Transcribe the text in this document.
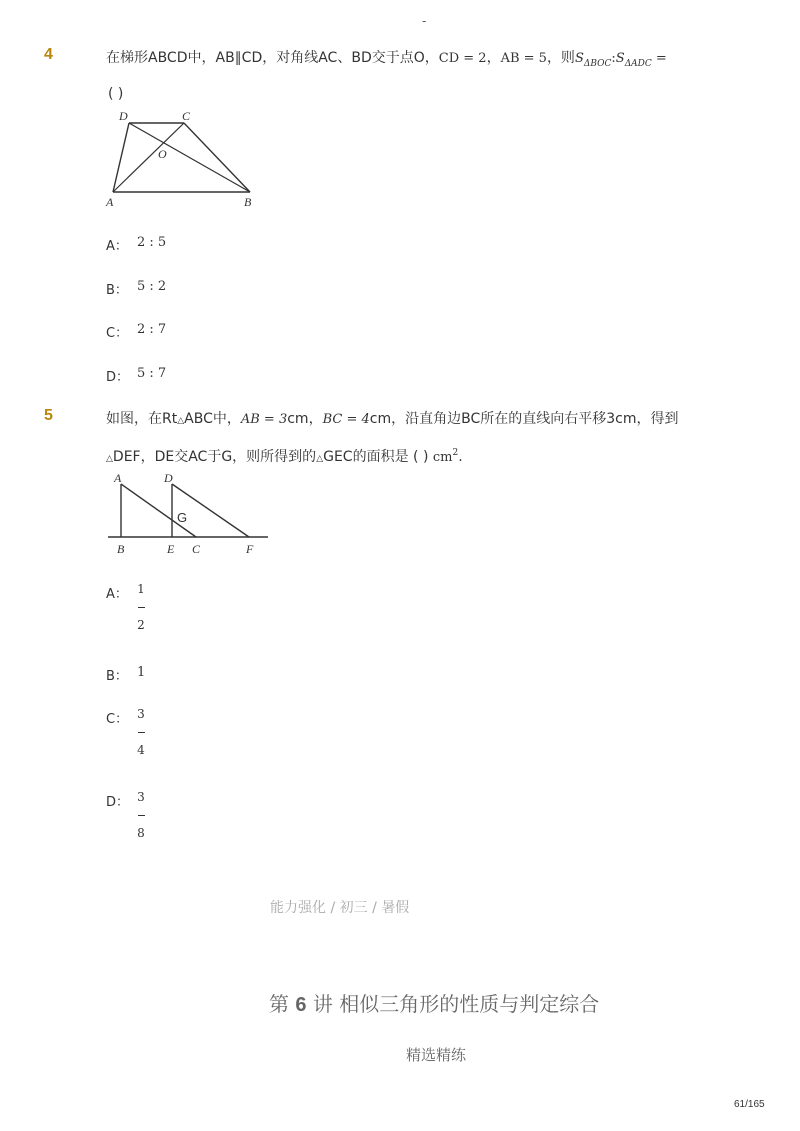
-
4	在梯形ABCD中，AB∥CD，对角线AC、BD交于点O，CD = 2，AB = 5，则$S_{\Delta BOC}:S_{\Delta ADC}$ =
( )
D	C
O
A	B
A： 2 : 5
B： 5 : 2
C： 2 : 7
D： 5 : 7
5	如图，在Rt△ABC中，AB = 3cm，BC = 4cm，沿直角边BC所在的直线向右平移3cm，得到
△DEF，DE交AC于G，则所得到的△GEC的面积是 ( ) $cm^2$.
A	D
G
B	E C	F
A： 1
2
B： 1
C： 3
4
D： 3
8
能力强化 / 初三 / 暑假
第 6 讲 相似三角形的性质与判定综合
精选精练
61/165
